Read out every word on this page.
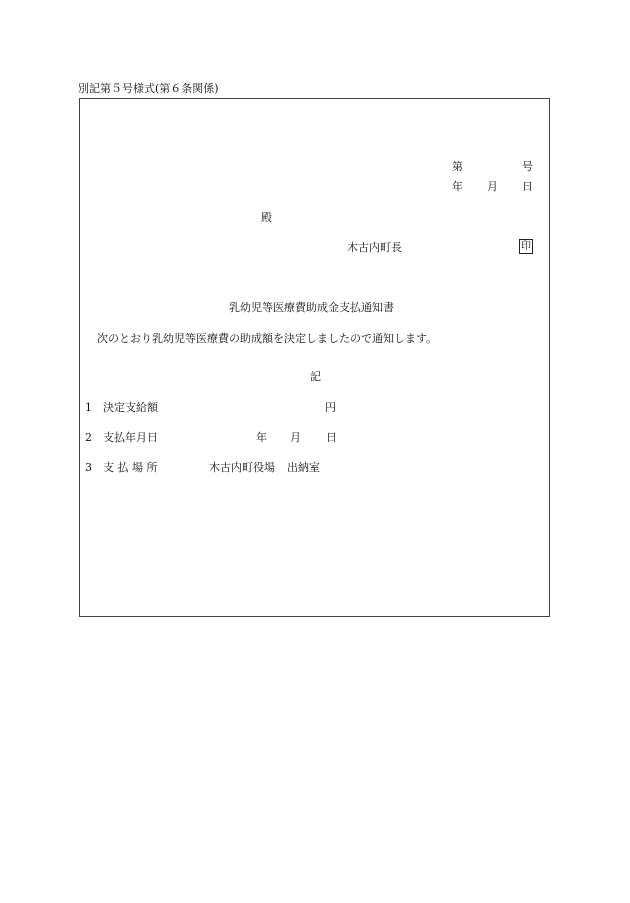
別記第５号様式(第６条関係)
第	号
年 月 日
殿
木古内町長	印
乳幼児等医療費助成金支払通知書
次のとおり乳幼児等医療費の助成額を決定しましたので通知します。
記
1 決定支給額	円
2 支払年月日	年 月 日
3 支 払 場 所	木古内町役場 出納室
